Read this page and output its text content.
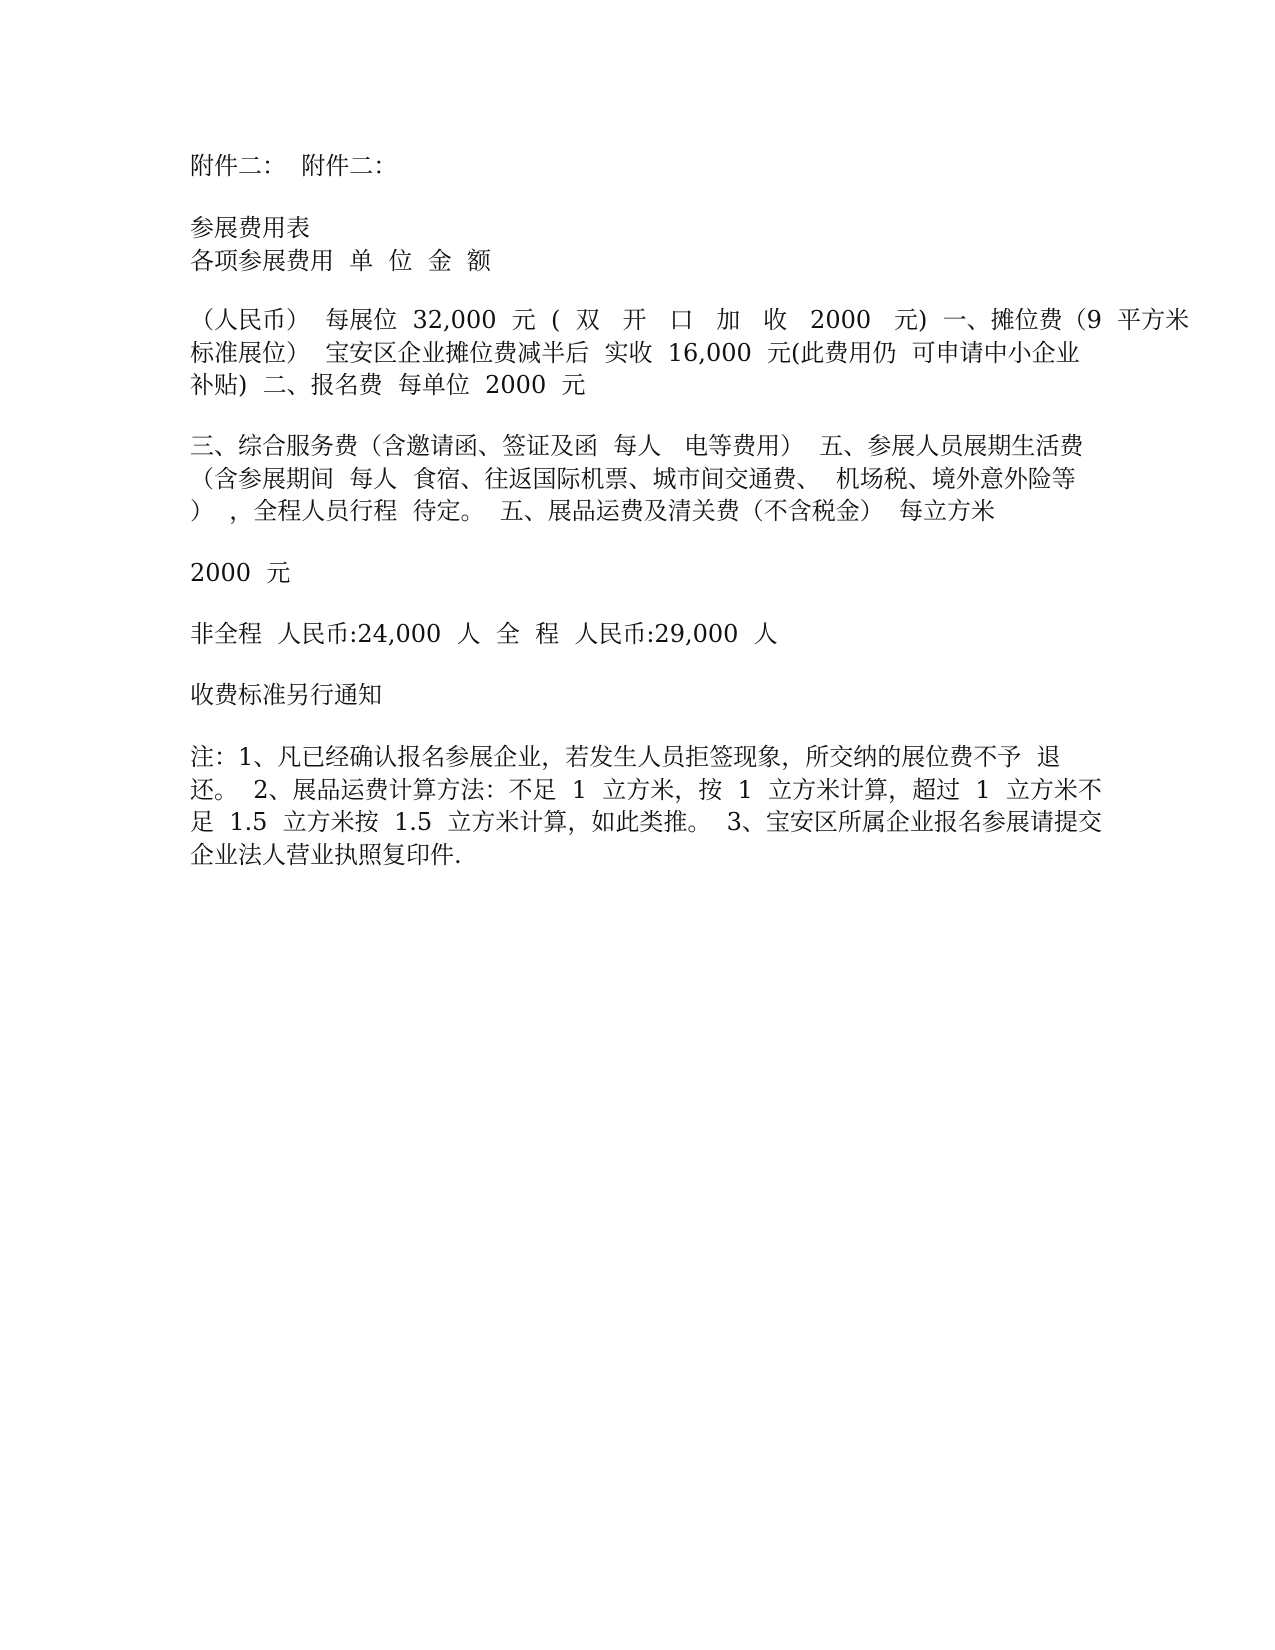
附件二：  附件二：

参展费用表
各项参展费用  单  位  金  额

（人民币）  每展位  32,000  元  (  双   开   口   加   收   2000   元)  一、摊位费（9  平方米
标准展位）  宝安区企业摊位费减半后  实收  16,000  元(此费用仍  可申请中小企业
补贴)  二、报名费  每单位  2000  元

三、综合服务费（含邀请函、签证及函  每人   电等费用）  五、参展人员展期生活费
（含参展期间  每人  食宿、往返国际机票、城市间交通费、  机场税、境外意外险等
）  ，全程人员行程  待定。  五、展品运费及清关费（不含税金）  每立方米

2000  元

非全程  人民币:24,000  人  全  程  人民币:29,000  人

收费标准另行通知

注：1、凡已经确认报名参展企业，若发生人员拒签现象，所交纳的展位费不予  退
还。  2、展品运费计算方法：不足  1  立方米，按  1  立方米计算，超过  1  立方米不
足  1.5  立方米按  1.5  立方米计算，如此类推。  3、宝安区所属企业报名参展请提交
企业法人营业执照复印件.
